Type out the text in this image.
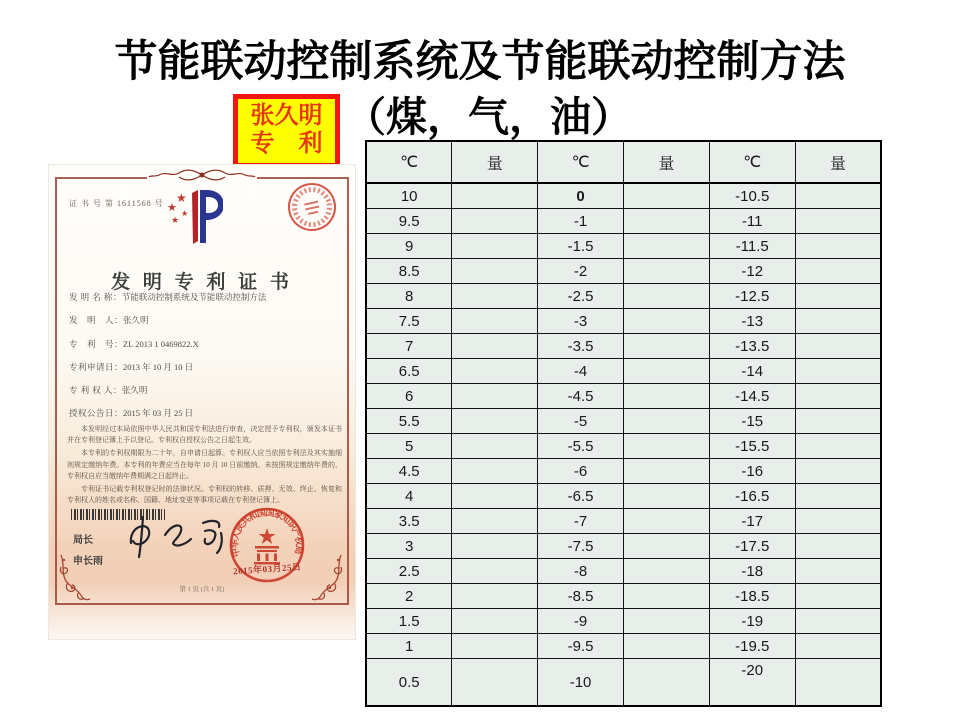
节能联动控制系统及节能联动控制方法
（煤，气，油）
张久明
专　利
证 书 号 第 1611568 号 ★
★
★
★
发 明 专 利 证 书
发 明 名 称：节能联动控制系统及节能联动控制方法
发　明　人：张久明
专　利　号：ZL 2013 1 0469822.X
专利申请日：2013 年 10 月 10 日
专 利 权 人：张久明
授权公告日：2015 年 03 月 25 日

本发明经过本局依照中华人民共和国专利法进行审查，决定授予专利权，颁发本证书并在专利登记簿上予以登记。专利权自授权公告之日起生效。

本专利的专利权期限为二十年，自申请日起算。专利权人应当依照专利法及其实施细则规定缴纳年费。本专利的年费应当在每年 10 月 10 日前缴纳。未按照规定缴纳年费的，专利权自应当缴纳年费期满之日起终止。

专利证书记载专利权登记时的法律状况。专利权的转移、质押、无效、终止、恢复和专利权人的姓名或名称、国籍、地址变更等事项记载在专利登记簿上。

局长
申长雨
中华人民共和国国家知识产权局
2015年03月25日
第 1 页 (共 1 页)
℃	量	℃	量	℃	量
10		0		-10.5	
9.5		-1		-11	
9		-1.5		-11.5	
8.5		-2		-12	
8		-2.5		-12.5	
7.5		-3		-13	
7		-3.5		-13.5	
6.5		-4		-14	
6		-4.5		-14.5	
5.5		-5		-15	
5		-5.5		-15.5	
4.5		-6		-16	
4		-6.5		-16.5	
3.5		-7		-17	
3		-7.5		-17.5	
2.5		-8		-18	
2		-8.5		-18.5	
1.5		-9		-19	
1		-9.5		-19.5	
0.5		-10		-20	
